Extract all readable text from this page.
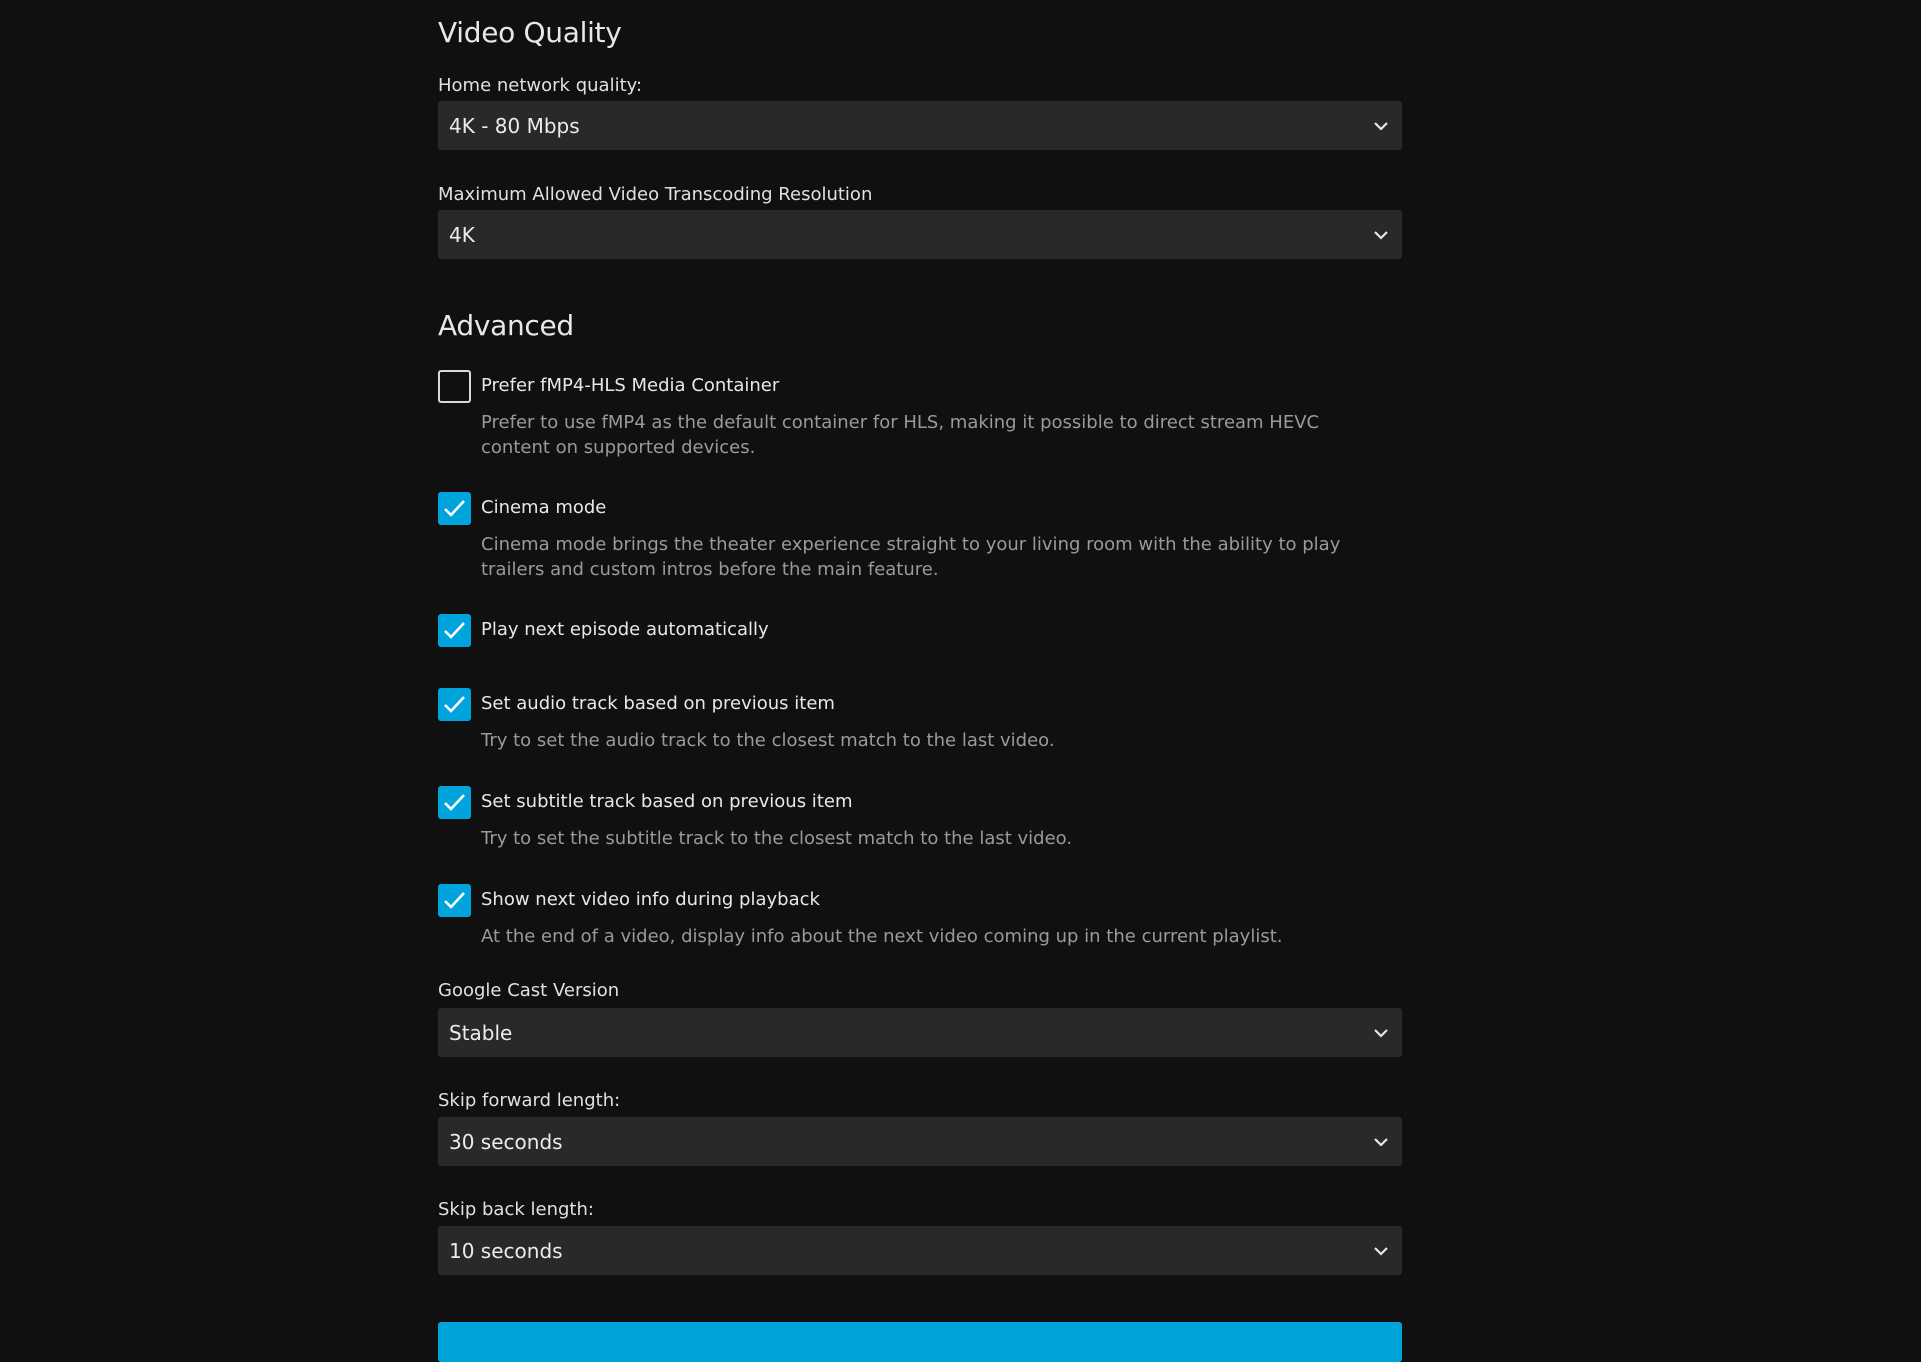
Video Quality
Home network quality:
4K - 80 Mbps
Maximum Allowed Video Transcoding Resolution
4K
Advanced
Prefer fMP4-HLS Media Container
Prefer to use fMP4 as the default container for HLS, making it possible to direct stream HEVC content on supported devices.
Cinema mode
Cinema mode brings the theater experience straight to your living room with the ability to play trailers and custom intros before the main feature.
Play next episode automatically
Set audio track based on previous item
Try to set the audio track to the closest match to the last video.
Set subtitle track based on previous item
Try to set the subtitle track to the closest match to the last video.
Show next video info during playback
At the end of a video, display info about the next video coming up in the current playlist.
Google Cast Version
Stable
Skip forward length:
30 seconds
Skip back length:
10 seconds
